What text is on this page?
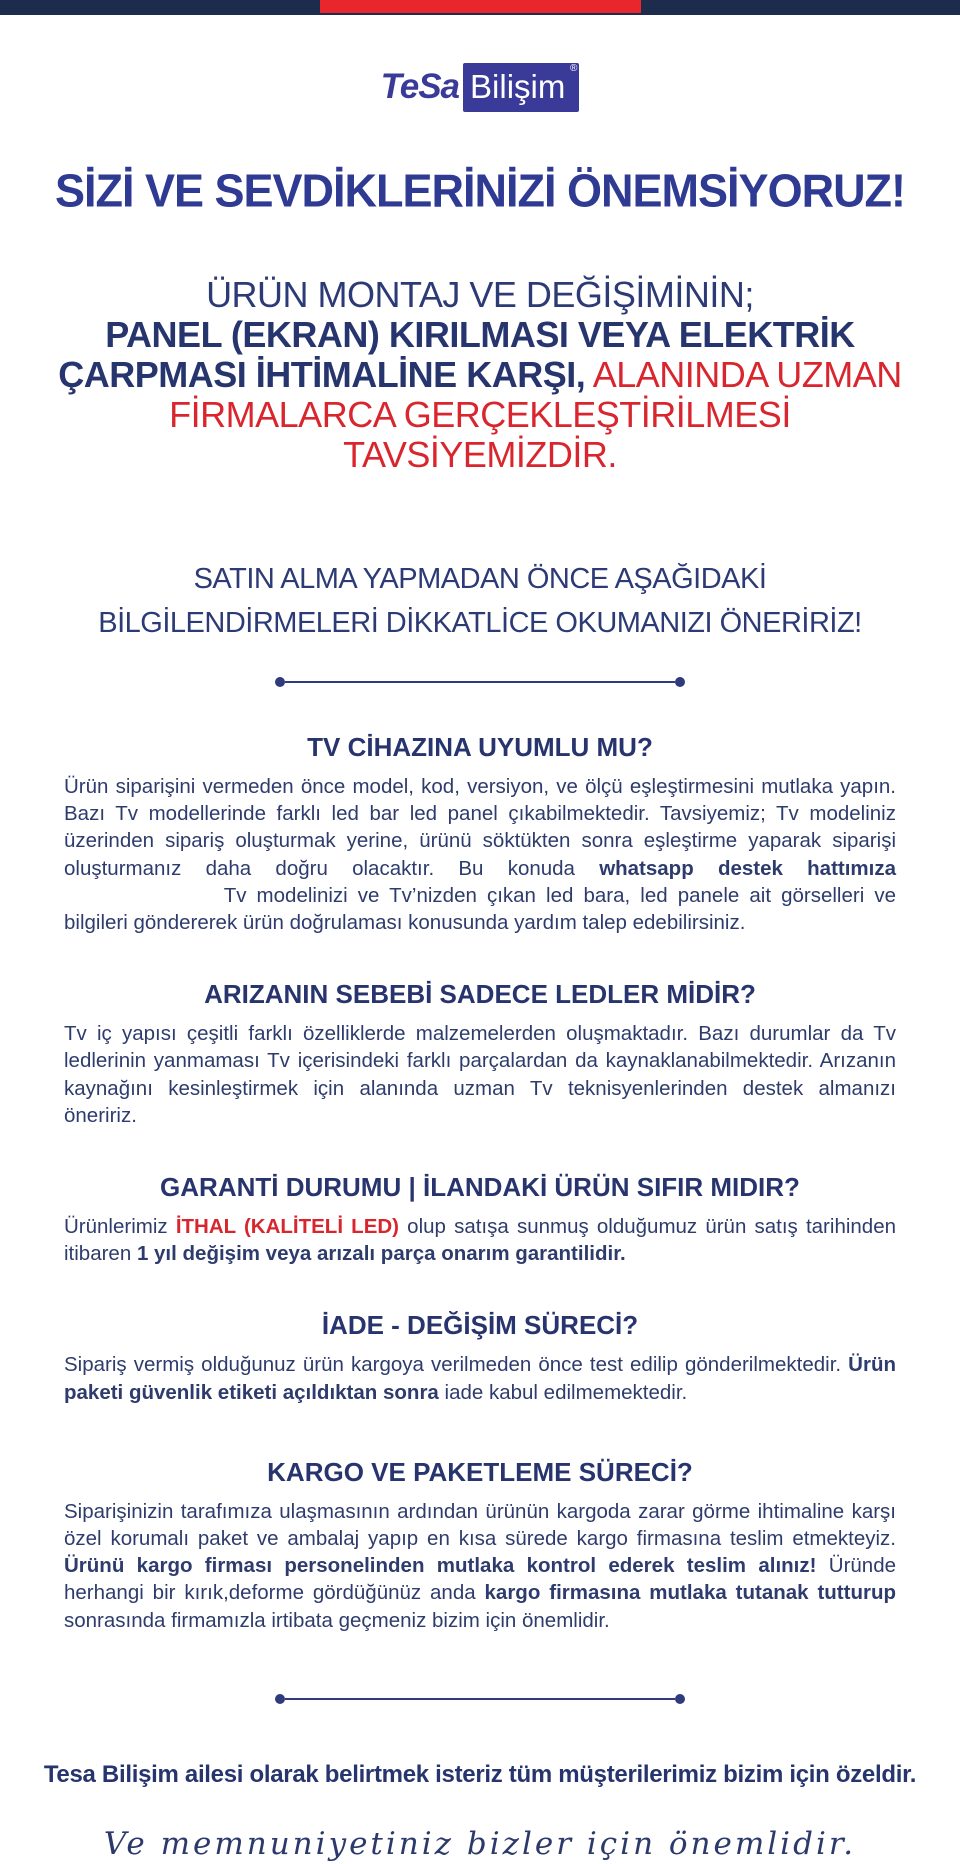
TeSa Bilişim ®
SİZİ VE SEVDİKLERİNİZİ ÖNEMSİYORUZ!
ÜRÜN MONTAJ VE DEĞİŞİMİNİN;
PANEL (EKRAN) KIRILMASI VEYA ELEKTRİK
ÇARPMASI İHTİMALİNE KARŞI, ALANINDA UZMAN FİRMALARCA GERÇEKLEŞTİRİLMESİ TAVSİYEMİZDİR.
SATIN ALMA YAPMADAN ÖNCE AŞAĞIDAKİ BİLGİLENDİRMELERİ DİKKATLİCE OKUMANIZI ÖNERİRİZ!
TV CİHAZINA UYUMLU MU?

Ürün siparişini vermeden önce model, kod, versiyon, ve ölçü eşleştirmesini mutlaka yapın. Bazı Tv modellerinde farklı led bar led panel çıkabilmektedir. Tavsiyemiz; Tv modeliniz üzerinden sipariş oluşturmak yerine, ürünü söktükten sonra eşleştirme yaparak siparişi oluşturmanız daha doğru olacaktır. Bu konuda whatsapp destek hattımıza Tv modelinizi ve Tv’nizden çıkan led bara, led panele ait görselleri ve bilgileri göndererek ürün doğrulaması konusunda yardım talep edebilirsiniz.

ARIZANIN SEBEBİ SADECE LEDLER MİDİR?

Tv iç yapısı çeşitli farklı özelliklerde malzemelerden oluşmaktadır. Bazı durumlar da Tv ledlerinin yanmaması Tv içerisindeki farklı parçalardan da kaynaklanabilmektedir. Arızanın kaynağını kesinleştirmek için alanında uzman Tv teknisyenlerinden destek almanızı öneririz.

GARANTİ DURUMU | İLANDAKİ ÜRÜN SIFIR MIDIR?

Ürünlerimiz İTHAL (KALİTELİ LED) olup satışa sunmuş olduğumuz ürün satış tarihinden itibaren 1 yıl değişim veya arızalı parça onarım garantilidir.

İADE - DEĞİŞİM SÜRECİ?

Sipariş vermiş olduğunuz ürün kargoya verilmeden önce test edilip gönderilmektedir. Ürün paketi güvenlik etiketi açıldıktan sonra iade kabul edilmemektedir.

KARGO VE PAKETLEME SÜRECİ?

Siparişinizin tarafımıza ulaşmasının ardından ürünün kargoda zarar görme ihtimaline karşı özel korumalı paket ve ambalaj yapıp en kısa sürede kargo firmasına teslim etmekteyiz. Ürünü kargo firması personelinden mutlaka kontrol ederek teslim alınız! Üründe herhangi bir kırık,deforme gördüğünüz anda kargo firmasına mutlaka tutanak tutturup sonrasında firmamızla irtibata geçmeniz bizim için önemlidir.

Tesa Bilişim ailesi olarak belirtmek isteriz tüm müşterilerimiz bizim için özeldir.

Ve memnuniyetiniz bizler için önemlidir.
